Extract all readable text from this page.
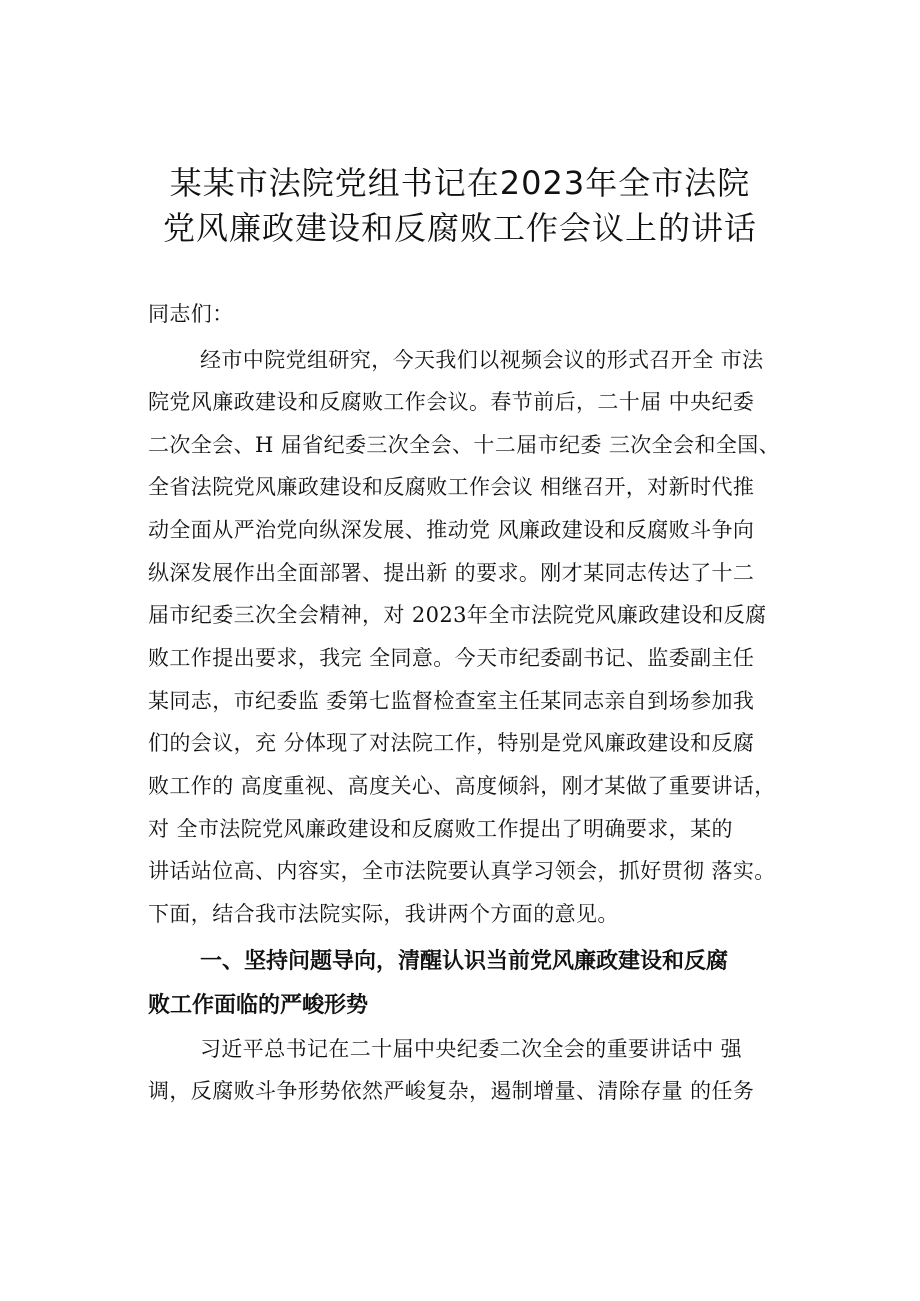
某某市法院党组书记在2023年全市法院
党风廉政建设和反腐败工作会议上的讲话
同志们：
经市中院党组研究，今天我们以视频会议的形式召开全 市法
院党风廉政建设和反腐败工作会议。春节前后，二十届 中央纪委
二次全会、H 届省纪委三次全会、十二届市纪委 三次全会和全国、
全省法院党风廉政建设和反腐败工作会议 相继召开，对新时代推
动全面从严治党向纵深发展、推动党 风廉政建设和反腐败斗争向
纵深发展作出全面部署、提出新 的要求。刚才某同志传达了十二
届市纪委三次全会精神，对 2023年全市法院党风廉政建设和反腐
败工作提出要求，我完 全同意。今天市纪委副书记、监委副主任
某同志，市纪委监 委第七监督检查室主任某同志亲自到场参加我
们的会议，充 分体现了对法院工作，特别是党风廉政建设和反腐
败工作的 高度重视、高度关心、高度倾斜，刚才某做了重要讲话，
对 全市法院党风廉政建设和反腐败工作提出了明确要求，某的
讲话站位高、内容实，全市法院要认真学习领会，抓好贯彻 落实。
下面，结合我市法院实际，我讲两个方面的意见。
一、坚持问题导向，清醒认识当前党风廉政建设和反腐
败工作面临的严峻形势
习近平总书记在二十届中央纪委二次全会的重要讲话中 强
调，反腐败斗争形势依然严峻复杂，遏制增量、清除存量 的任务
